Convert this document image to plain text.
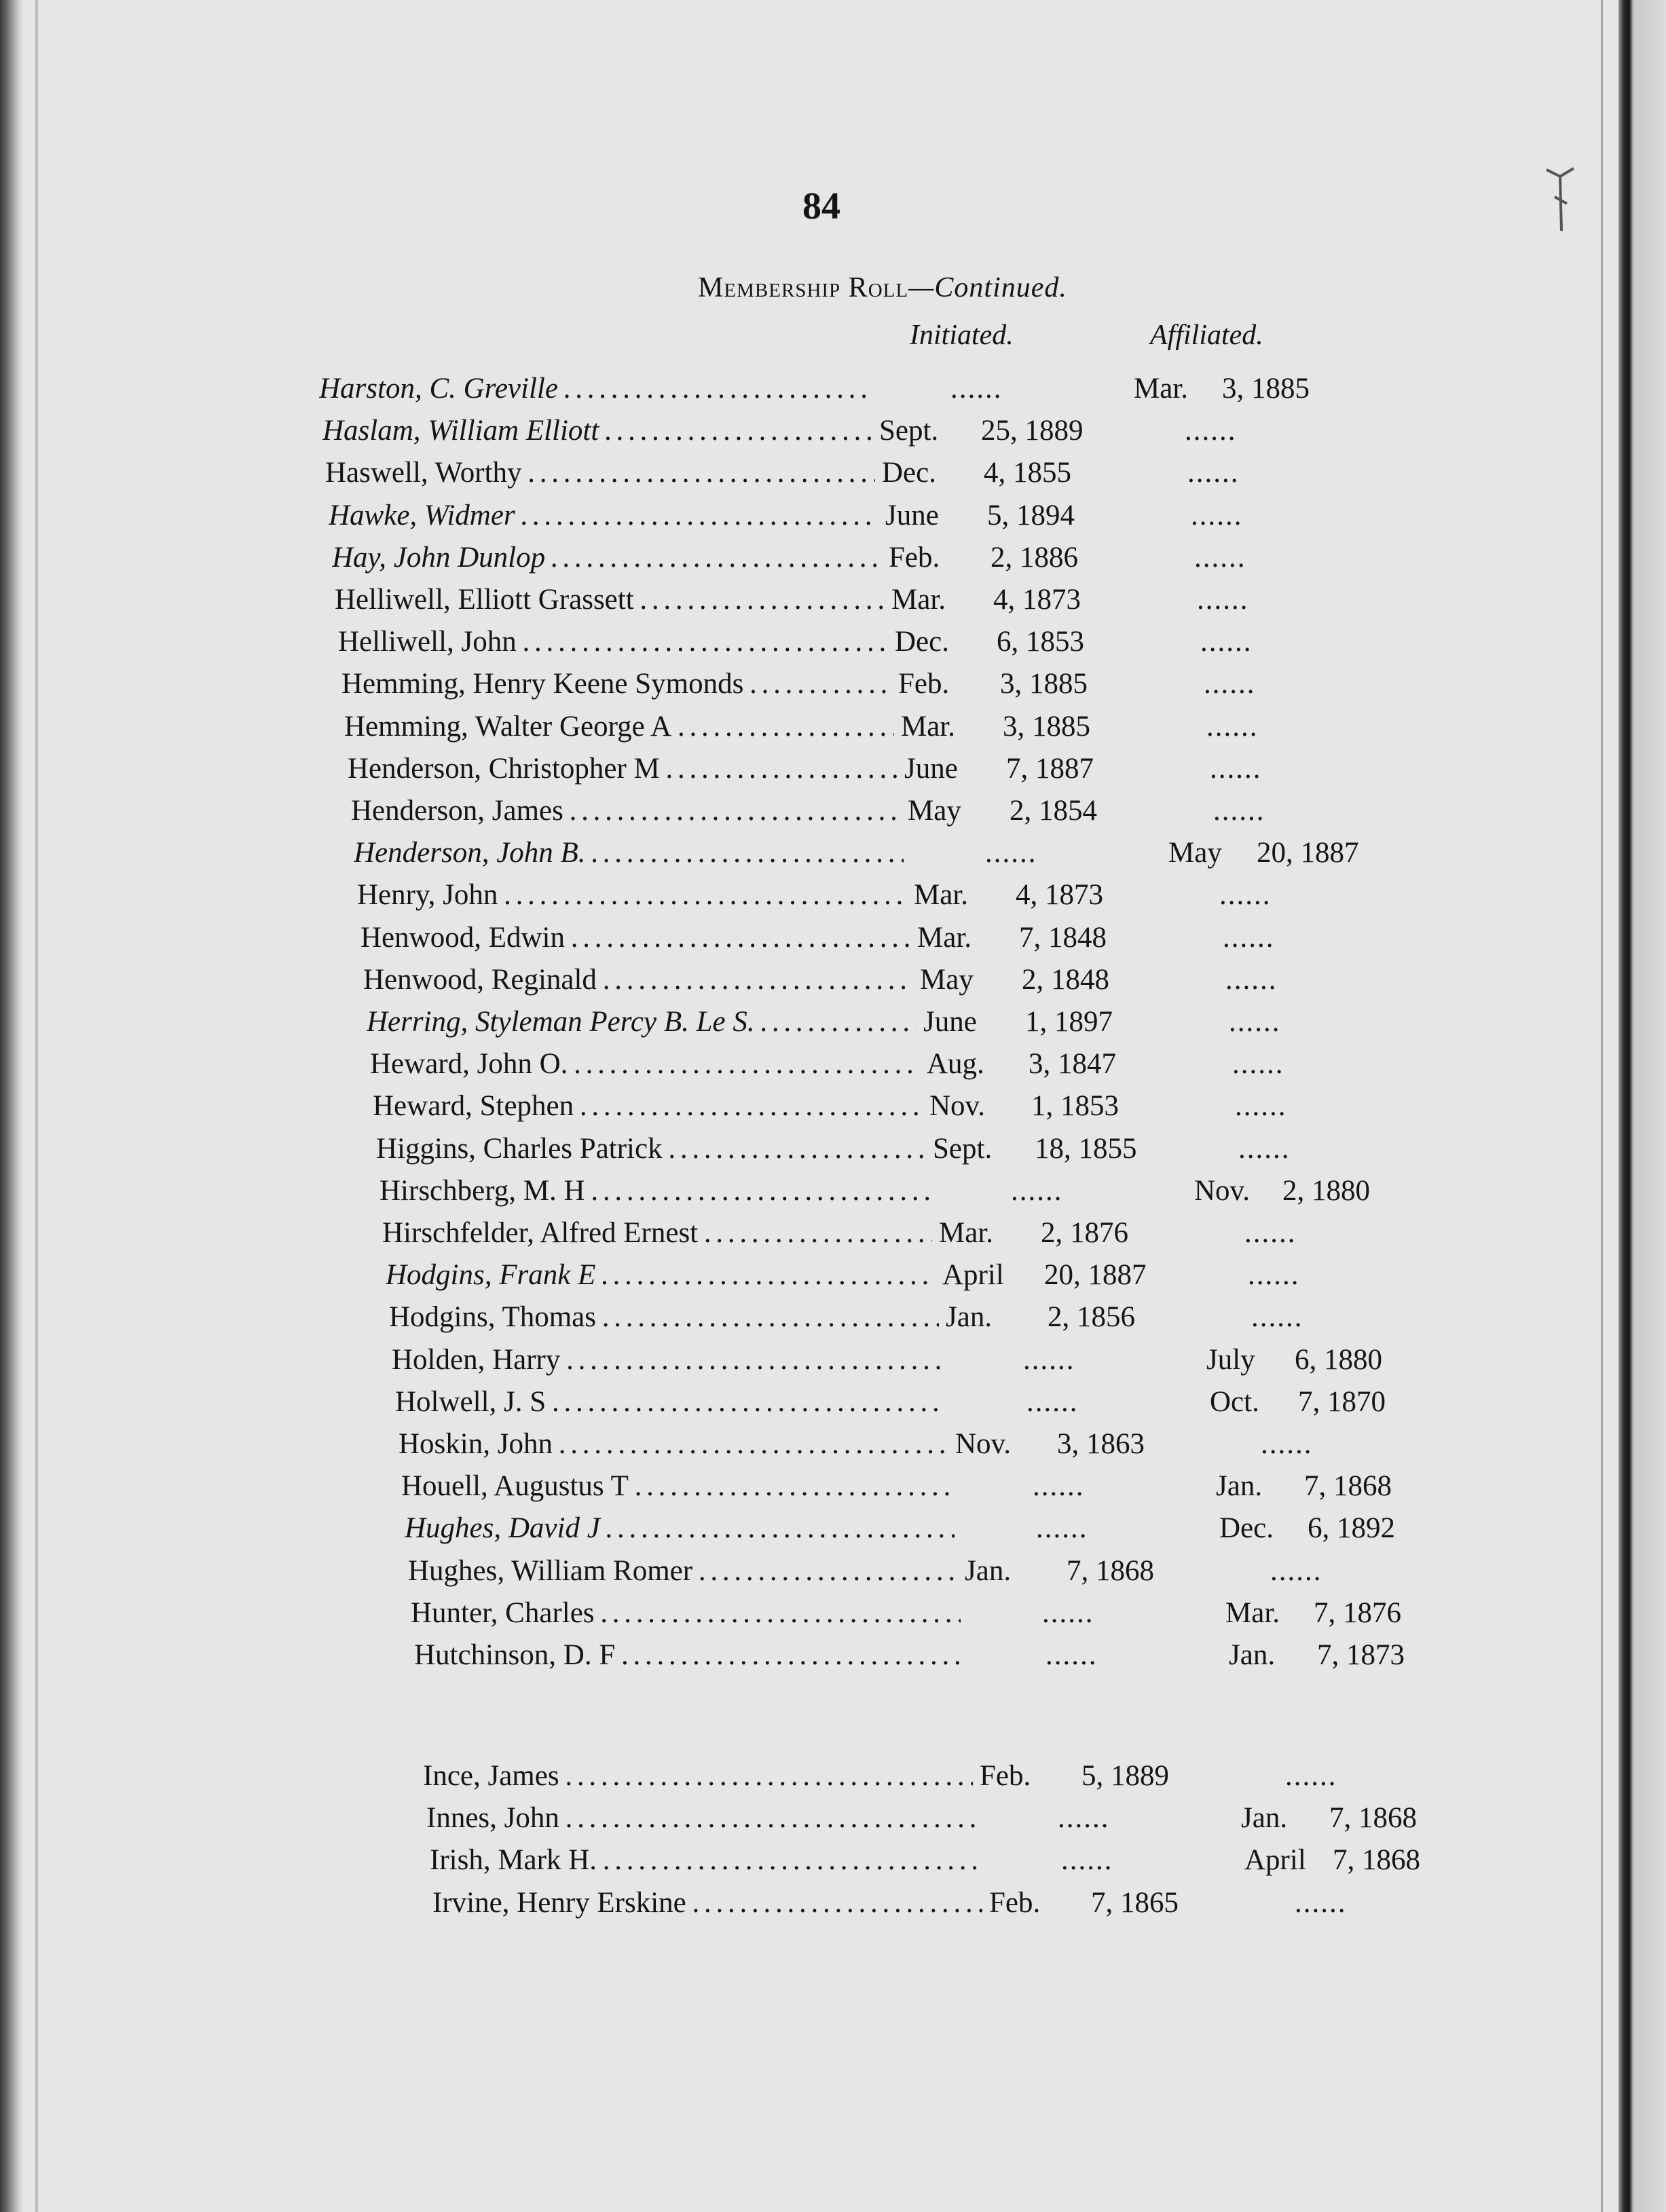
84
Membership Roll—Continued.
Initiated.	Affiliated.
Harston, C. Greville . . .	......	Mar.	3, 1885
Haslam, William Elliott . . .	Sept.	25, 1889	......
Haswell, Worthy . . .	Dec.	4, 1855	......
Hawke, Widmer . . .	June	5, 1894	......
Hay, John Dunlop . . .	Feb.	2, 1886	......
Helliwell, Elliott Grassett . . .	Mar.	4, 1873	......
Helliwell, John . . .	Dec.	6, 1853	......
Hemming, Henry Keene Symonds . . .	Feb.	3, 1885	......
Hemming, Walter George A . . .	Mar.	3, 1885	......
Henderson, Christopher M . . .	June	7, 1887	......
Henderson, James . . .	May	2, 1854	......
Henderson, John B. . . .	......	May	20, 1887
Henry, John . . .	Mar.	4, 1873	......
Henwood, Edwin . . .	Mar.	7, 1848	......
Henwood, Reginald . . .	May	2, 1848	......
Herring, Styleman Percy B. Le S. . . .	June	1, 1897	......
Heward, John O. . . .	Aug.	3, 1847	......
Heward, Stephen . . .	Nov.	1, 1853	......
Higgins, Charles Patrick . . .	Sept.	18, 1855	......
Hirschberg, M. H . . .	......	Nov.	2, 1880
Hirschfelder, Alfred Ernest . . .	Mar.	2, 1876	......
Hodgins, Frank E . . .	April	20, 1887	......
Hodgins, Thomas . . .	Jan.	2, 1856	......
Holden, Harry . . .	......	July	6, 1880
Holwell, J. S . . .	......	Oct.	7, 1870
Hoskin, John . . .	Nov.	3, 1863	......
Houell, Augustus T . . .	......	Jan.	7, 1868
Hughes, David J . . .	......	Dec.	6, 1892
Hughes, William Romer . . .	Jan.	7, 1868	......
Hunter, Charles . . .	......	Mar.	7, 1876
Hutchinson, D. F . . .	......	Jan.	7, 1873
Ince, James . . .	Feb.	5, 1889	......
Innes, John . . .	......	Jan.	7, 1868
Irish, Mark H. . . .	......	April 7, 1868
Irvine, Henry Erskine . . .	Feb.	7, 1865	......
